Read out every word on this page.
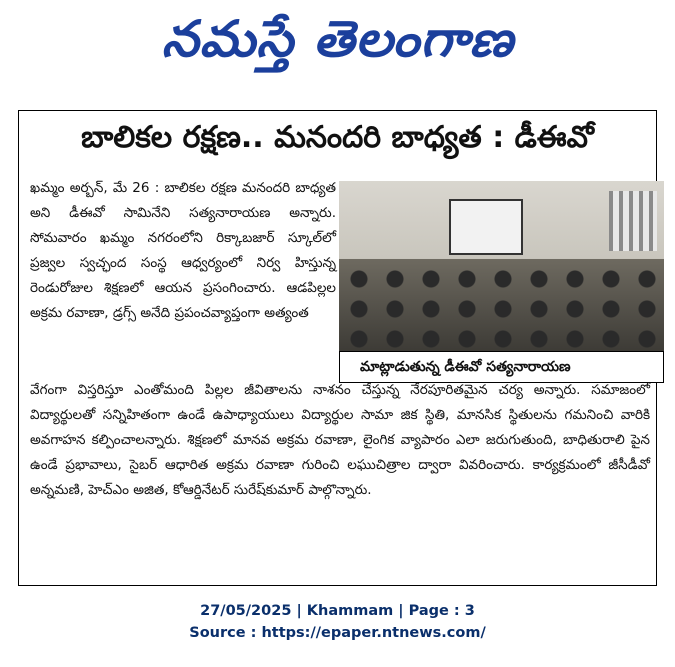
నమస్తే తెలంగాణ
బాలికల రక్షణ.. మనందరి బాధ్యత : డీఈవో
ఖమ్మం అర్బన్, మే 26 : బాలికల రక్షణ మనందరి బాధ్యత అని డీఈవో సామినేని సత్యనారాయణ అన్నారు. సోమవారం ఖమ్మం నగరంలోని రిక్కాబజార్ స్కూల్‌లో ప్రజ్వల స్వచ్ఛంద సంస్థ ఆధ్వర్యంలో నిర్వ హిస్తున్న రెండురోజుల శిక్షణలో ఆయన ప్రసంగించారు. ఆడపిల్లల అక్రమ రవాణా, డ్రగ్స్ అనేది ప్రపంచవ్యాప్తంగా అత్యంత
మాట్లాడుతున్న డీఈవో సత్యనారాయణ
వేగంగా విస్తరిస్తూ ఎంతోమంది పిల్లల జీవితాలను నాశనం చేస్తున్న నేరపూరితమైన చర్య అన్నారు. సమాజంలో విద్యార్థులతో సన్నిహితంగా ఉండే ఉపాధ్యాయులు విద్యార్థుల సామా జిక స్థితి, మానసిక స్థితులను గమనించి వారికి అవగాహన కల్పించాలన్నారు. శిక్షణలో మానవ అక్రమ రవాణా, లైంగిక వ్యాపారం ఎలా జరుగుతుంది, బాధితురాలి పైన ఉండే ప్రభావాలు, సైబర్ ఆధారిత అక్రమ రవాణా గురించి లఘుచిత్రాల ద్వారా వివరించారు. కార్యక్రమంలో జీసీడీవో అన్నమణి, హెచ్ఎం అజిత, కోఆర్డినేటర్ సురేష్‌కుమార్ పాల్గొన్నారు.
27/05/2025 | Khammam | Page : 3
Source : https://epaper.ntnews.com/
